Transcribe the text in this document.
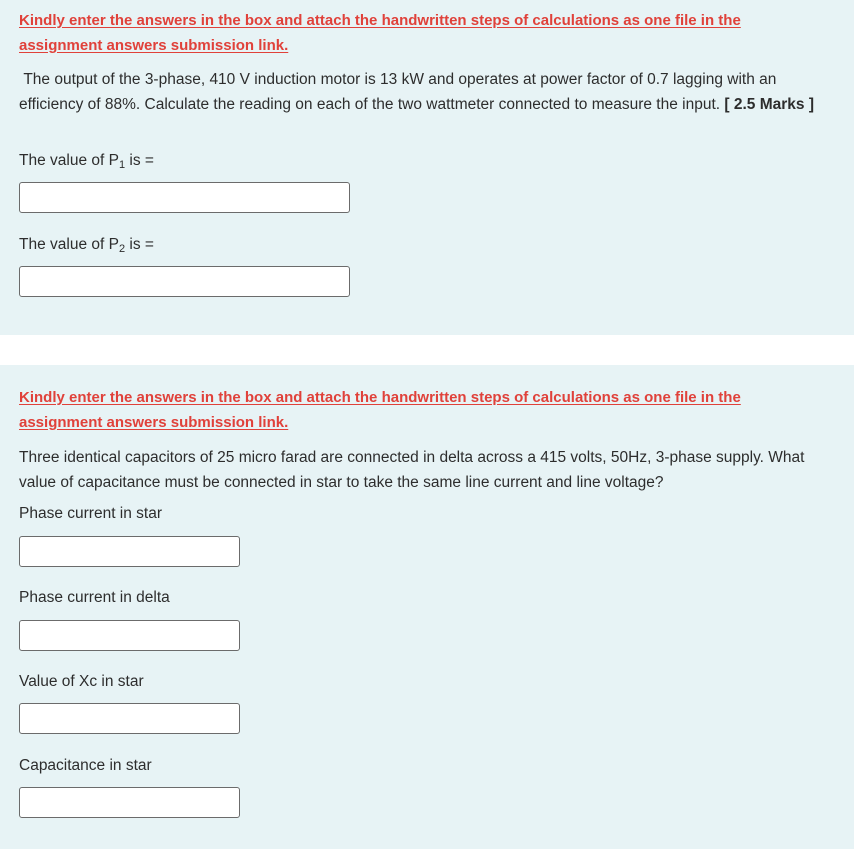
Kindly enter the answers in the box and attach the handwritten steps of calculations as one file in the assignment answers submission link.

The output of the 3-phase, 410 V induction motor is 13 kW and operates at power factor of 0.7 lagging with an efficiency of 88%. Calculate the reading on each of the two wattmeter connected to measure the input. [ 2.5 Marks ]

The value of $P_1$ is =
The value of $P_2$ is =

Kindly enter the answers in the box and attach the handwritten steps of calculations as one file in the assignment answers submission link.

Three identical capacitors of 25 micro farad are connected in delta across a 415 volts, 50Hz, 3-phase supply. What value of capacitance must be connected in star to take the same line current and line voltage?

Phase current in star
Phase current in delta
Value of Xc in star
Capacitance in star
